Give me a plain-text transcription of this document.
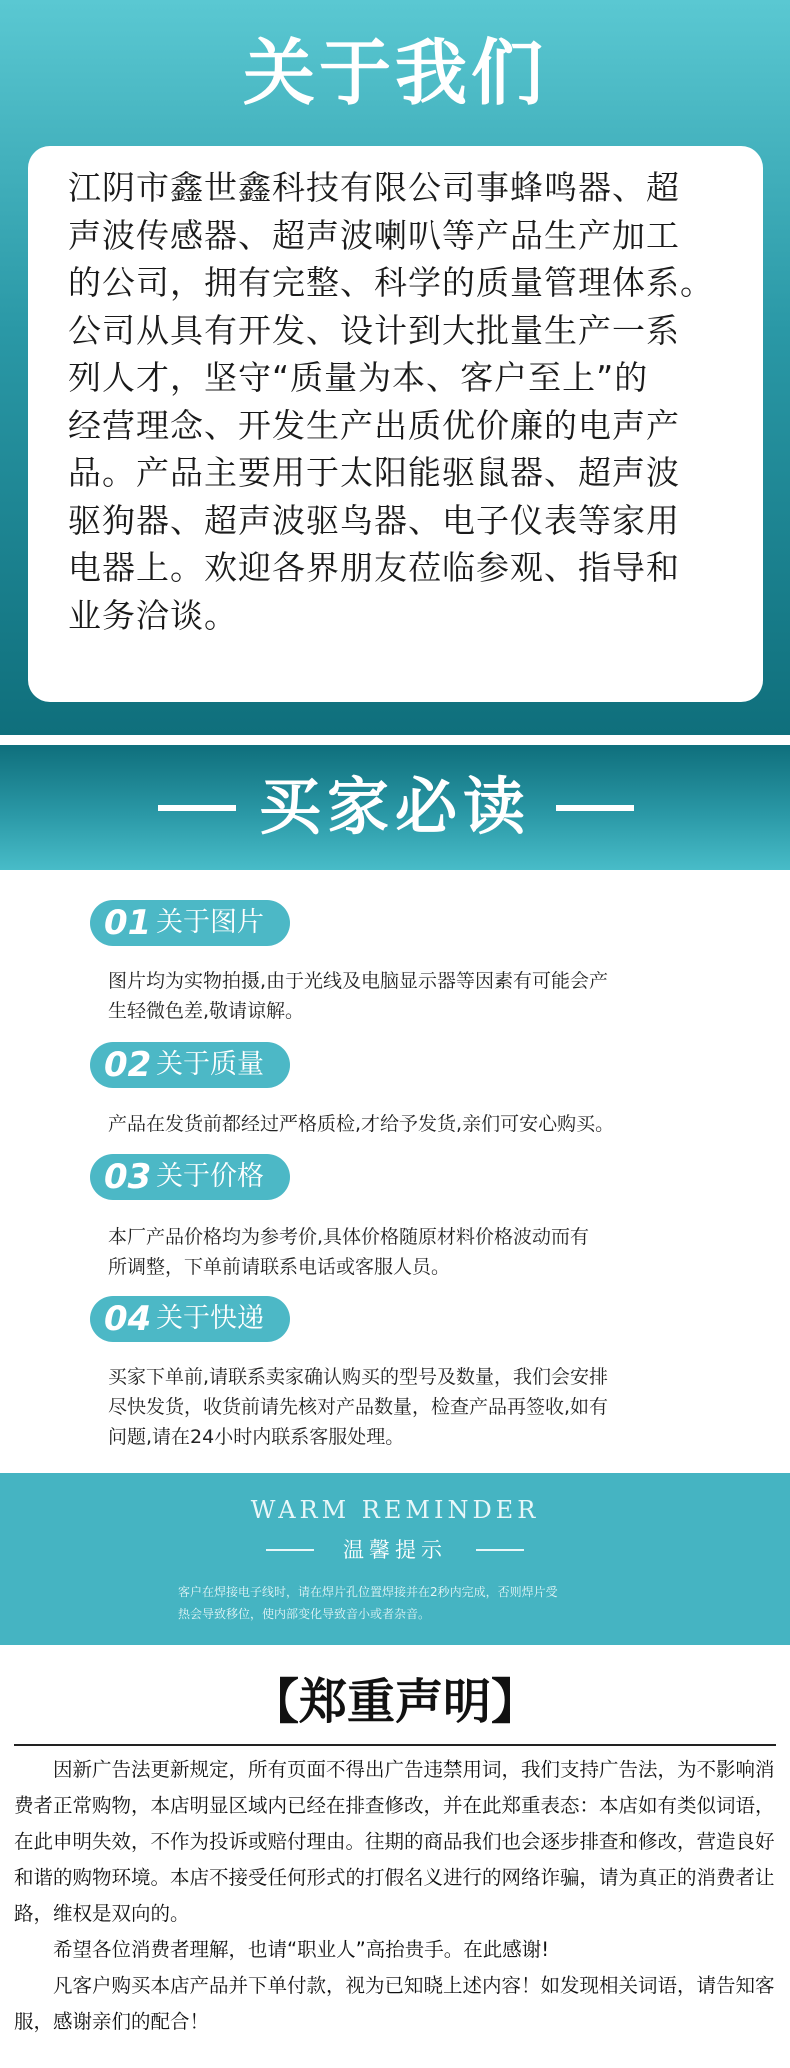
关于我们
江阴市鑫世鑫科技有限公司事蜂鸣器、超
声波传感器、超声波喇叭等产品生产加工
的公司，拥有完整、科学的质量管理体系。
公司从具有开发、设计到大批量生产一系
列人才，坚守“质量为本、客户至上”的
经营理念、开发生产出质优价廉的电声产
品。产品主要用于太阳能驱鼠器、超声波
驱狗器、超声波驱鸟器、电子仪表等家用
电器上。欢迎各界朋友莅临参观、指导和
业务洽谈。
买家必读
01 关于图片
图片均为实物拍摄,由于光线及电脑显示器等因素有可能会产
生轻微色差,敬请谅解。
02 关于质量
产品在发货前都经过严格质检,才给予发货,亲们可安心购买。
03 关于价格
本厂产品价格均为参考价,具体价格随原材料价格波动而有
所调整，下单前请联系电话或客服人员。
04 关于快递
买家下单前,请联系卖家确认购买的型号及数量，我们会安排
尽快发货，收货前请先核对产品数量，检查产品再签收,如有
问题,请在24小时内联系客服处理。
WARM REMINDER
温馨提示
客户在焊接电子线时，请在焊片孔位置焊接并在2秒内完成，否则焊片受
热会导致移位，使内部变化导致音小或者杂音。
【郑重声明】

　　因新广告法更新规定，所有页面不得出广告违禁用词，我们支持广告法，为不影响消费者正常购物，本店明显区域内已经在排查修改，并在此郑重表态：本店如有类似词语，在此申明失效，不作为投诉或赔付理由。往期的商品我们也会逐步排查和修改，营造良好和谐的购物环境。本店不接受任何形式的打假名义进行的网络诈骗，请为真正的消费者让路，维权是双向的。

　　希望各位消费者理解，也请“职业人”高抬贵手。在此感谢!

　　凡客户购买本店产品并下单付款，视为已知晓上述内容！如发现相关词语，请告知客服，感谢亲们的配合！
